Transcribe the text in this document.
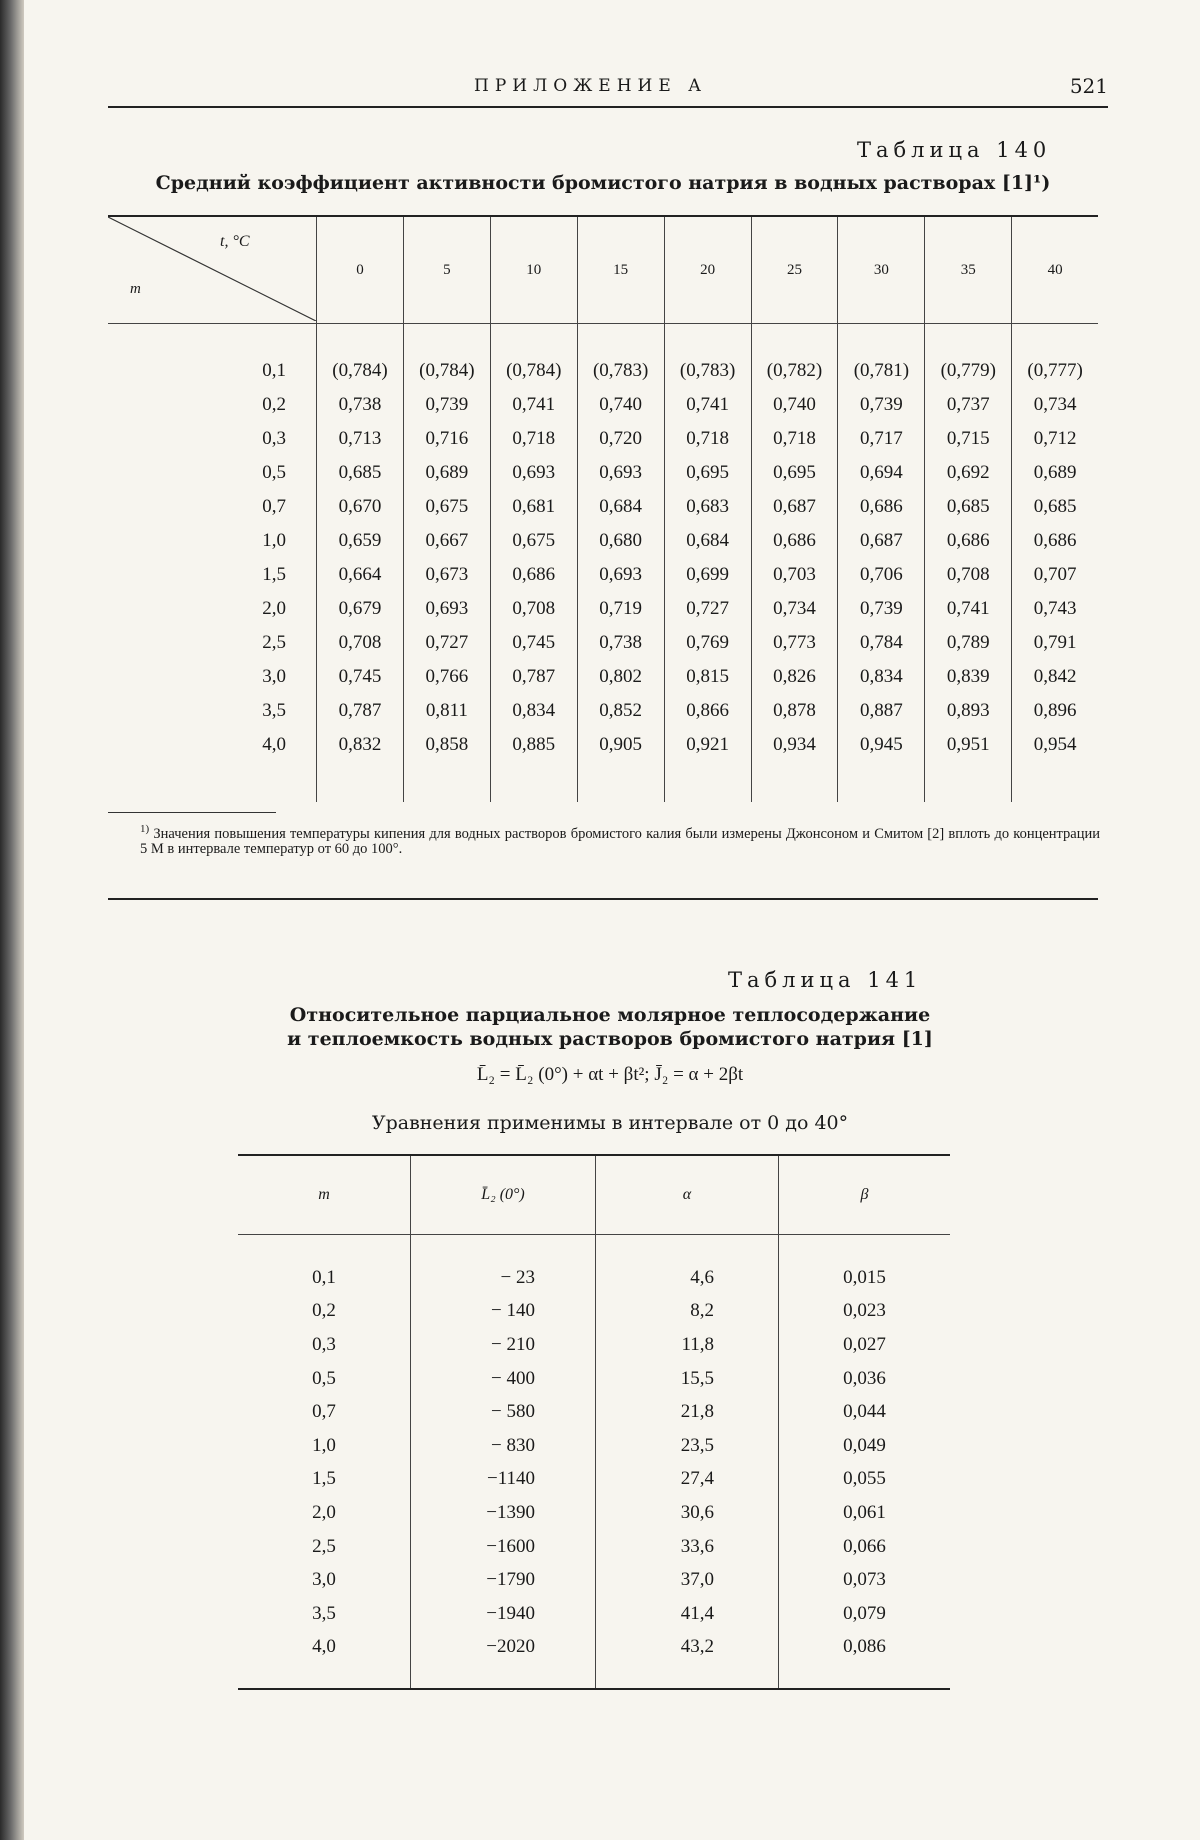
ПРИЛОЖЕНИЕ А	521
Таблица 140
Средний коэффициент активности бромистого натрия в водных растворах [1]¹)
t, °C
m	0	5	10	15	20	25	30	35	40
0,1	(0,784)	(0,784)	(0,784)	(0,783)	(0,783)	(0,782)	(0,781)	(0,779)	(0,777)
0,2	0,738	0,739	0,741	0,740	0,741	0,740	0,739	0,737	0,734
0,3	0,713	0,716	0,718	0,720	0,718	0,718	0,717	0,715	0,712
0,5	0,685	0,689	0,693	0,693	0,695	0,695	0,694	0,692	0,689
0,7	0,670	0,675	0,681	0,684	0,683	0,687	0,686	0,685	0,685
1,0	0,659	0,667	0,675	0,680	0,684	0,686	0,687	0,686	0,686
1,5	0,664	0,673	0,686	0,693	0,699	0,703	0,706	0,708	0,707
2,0	0,679	0,693	0,708	0,719	0,727	0,734	0,739	0,741	0,743
2,5	0,708	0,727	0,745	0,738	0,769	0,773	0,784	0,789	0,791
3,0	0,745	0,766	0,787	0,802	0,815	0,826	0,834	0,839	0,842
3,5	0,787	0,811	0,834	0,852	0,866	0,878	0,887	0,893	0,896
4,0	0,832	0,858	0,885	0,905	0,921	0,934	0,945	0,951	0,954
$^{1)}$ Значения повышения температуры кипения для водных растворов бромистого калия были измерены Джонсоном и Смитом [2] вплоть до концентрации 5 M в интервале температур от 60 до 100°.
Таблица 141
Относительное парциальное молярное теплосодержание
и теплоемкость водных растворов бромистого натрия [1]
L̄₂ = L̄₂ (0°) + αt + βt²; J̄₂ = α + 2βt
Уравнения применимы в интервале от 0 до 40°
m	L̄₂ (0°)	α	β
0,1	− 23	4,6	0,015
0,2	− 140	8,2	0,023
0,3	− 210	11,8	0,027
0,5	− 400	15,5	0,036
0,7	− 580	21,8	0,044
1,0	− 830	23,5	0,049
1,5	−1140	27,4	0,055
2,0	−1390	30,6	0,061
2,5	−1600	33,6	0,066
3,0	−1790	37,0	0,073
3,5	−1940	41,4	0,079
4,0	−2020	43,2	0,086
